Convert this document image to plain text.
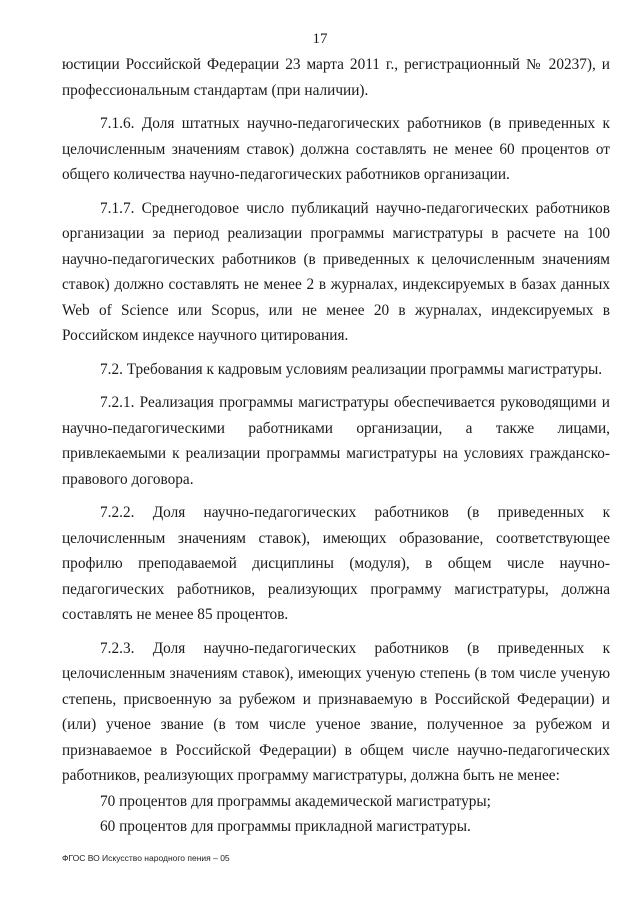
17

юстиции Российской Федерации 23 марта 2011 г., регистрационный № 20237), и профессиональным стандартам (при наличии).

7.1.6. Доля штатных научно-педагогических работников (в приведенных к целочисленным значениям ставок) должна составлять не менее 60 процентов от общего количества научно-педагогических работников организации.

7.1.7. Среднегодовое число публикаций научно-педагогических работников организации за период реализации программы магистратуры в расчете на 100 научно-педагогических работников (в приведенных к целочисленным значениям ставок) должно составлять не менее 2 в журналах, индексируемых в базах данных Web of Science или Scopus, или не менее 20 в журналах, индексируемых в Российском индексе научного цитирования.

7.2. Требования к кадровым условиям реализации программы магистратуры.

7.2.1. Реализация программы магистратуры обеспечивается руководящими и научно-педагогическими работниками организации, а также лицами, привлекаемыми к реализации программы магистратуры на условиях гражданско-правового договора.

7.2.2. Доля научно-педагогических работников (в приведенных к целочисленным значениям ставок), имеющих образование, соответствующее профилю преподаваемой дисциплины (модуля), в общем числе научно-педагогических работников, реализующих программу магистратуры, должна составлять не менее 85 процентов.

7.2.3. Доля научно-педагогических работников (в приведенных к целочисленным значениям ставок), имеющих ученую степень (в том числе ученую степень, присвоенную за рубежом и признаваемую в Российской Федерации) и (или) ученое звание (в том числе ученое звание, полученное за рубежом и признаваемое в Российской Федерации) в общем числе научно-педагогических работников, реализующих программу магистратуры, должна быть не менее:

70 процентов для программы академической магистратуры;

60 процентов для программы прикладной магистратуры.

ФГОС ВО Искусство народного пения – 05
